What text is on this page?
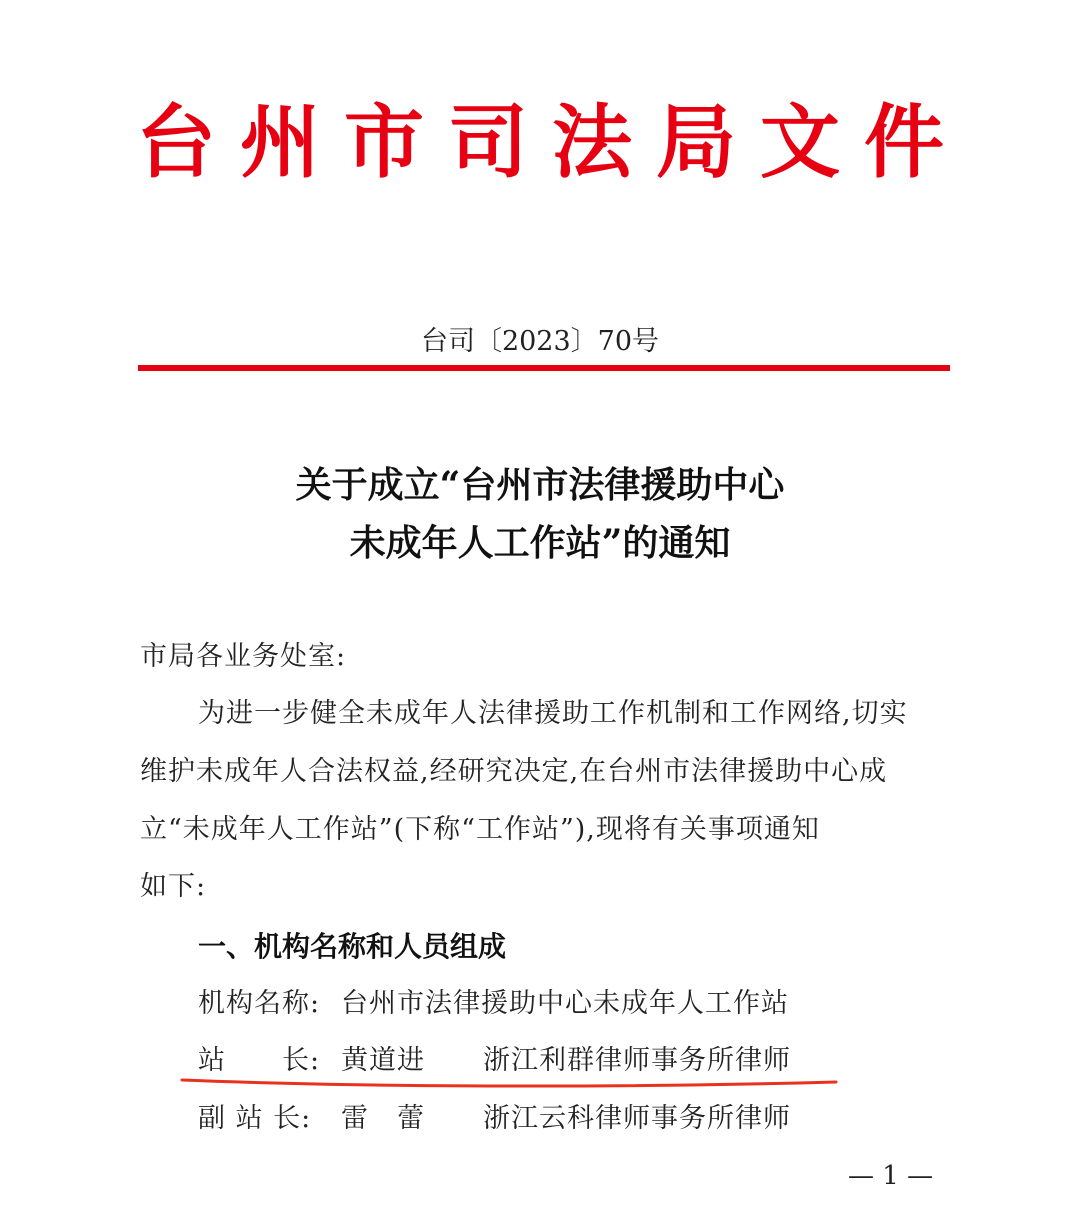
台州市司法局文件
台司〔2023〕70号
关于成立“台州市法律援助中心
未成年人工作站”的通知
市局各业务处室:
为进一步健全未成年人法律援助工作机制和工作网络,切实
维护未成年人合法权益,经研究决定,在台州市法律援助中心成
立“未成年人工作站”(下称“工作站”),现将有关事项通知
如下:
一、机构名称和人员组成
机构名称: 台州市法律援助中心未成年人工作站
站　　长: 黄道进 浙江利群律师事务所律师
副 站 长: 雷　蕾 浙江云科律师事务所律师
— 1 —
